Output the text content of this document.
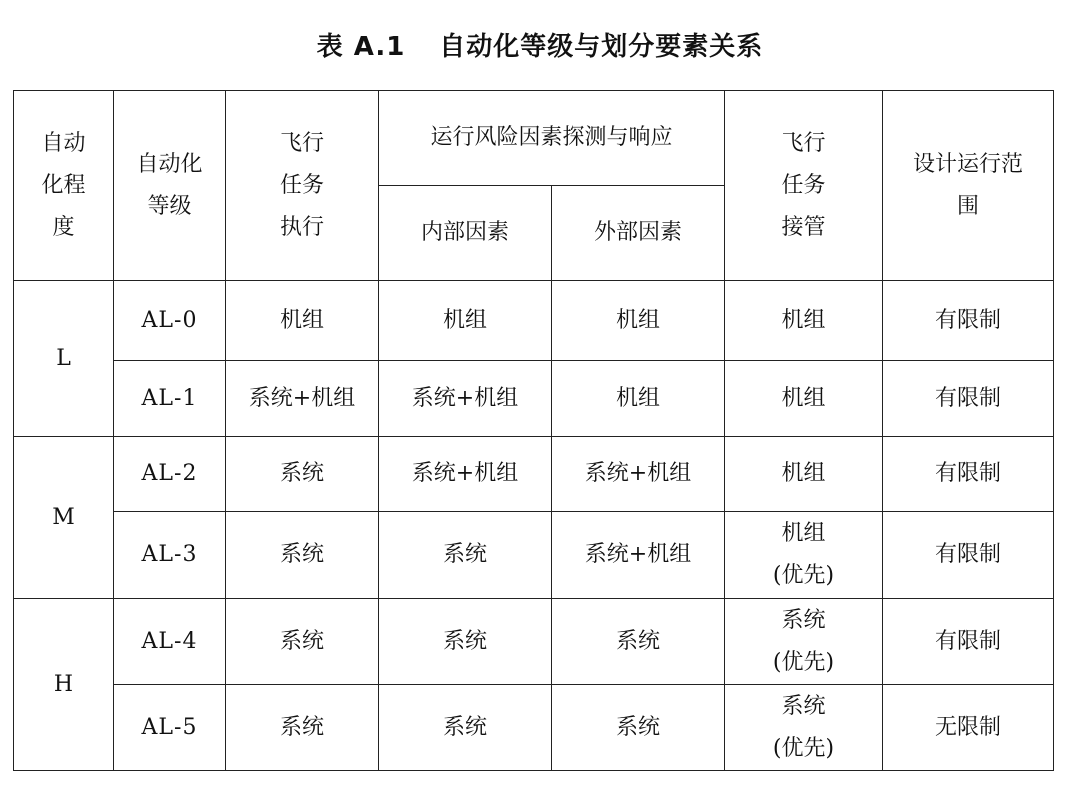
表 A.1 自动化等级与划分要素关系
自动
化程
度	自动化
等级	飞行
任务
执行	运行风险因素探测与响应		飞行
任务
接管	设计运行范
围

			内部因素	外部因素		
L	AL-0	机组	机组	机组	机组	有限制
	AL-1	系统+机组	系统+机组	机组	机组	有限制
M	AL-2	系统	系统+机组	系统+机组	机组	有限制
	AL-3	系统	系统	系统+机组	机组
(优先)	有限制
H	AL-4	系统	系统	系统	系统
(优先)	有限制
	AL-5	系统	系统	系统	系统
(优先)	无限制
